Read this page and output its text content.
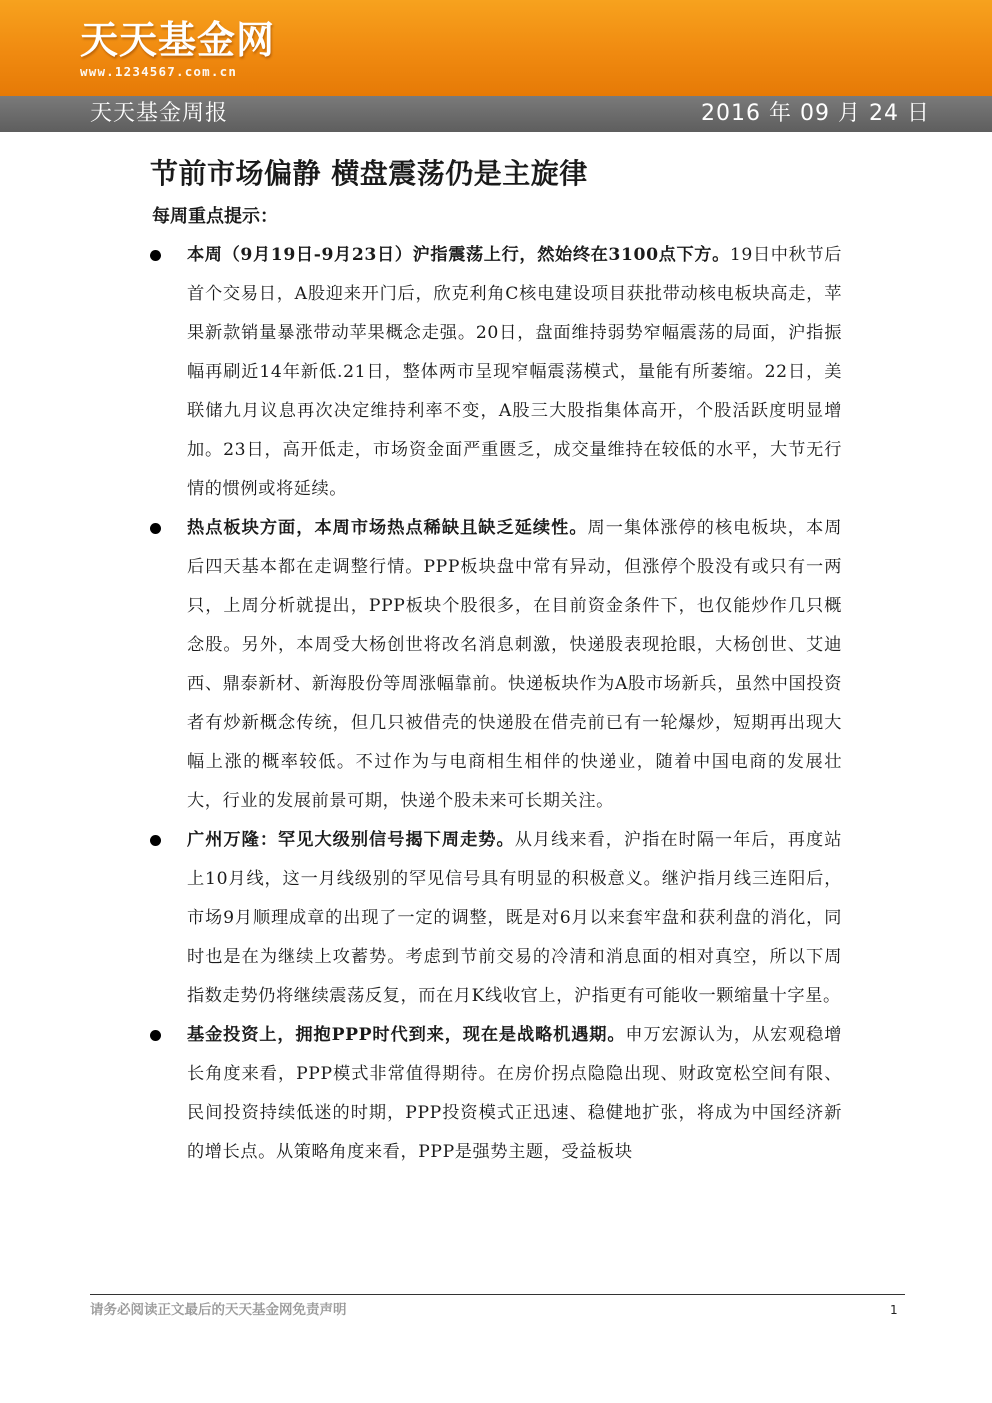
天天基金网
www.1234567.com.cn
天天基金周报	2016 年 09 月 24 日
节前市场偏静 横盘震荡仍是主旋律

每周重点提示：

本周（9月19日-9月23日）沪指震荡上行，然始终在3100点下方。19日中秋节后首个交易日，A股迎来开门后，欣克利角C核电建设项目获批带动核电板块高走，苹果新款销量暴涨带动苹果概念走强。20日，盘面维持弱势窄幅震荡的局面，沪指振幅再刷近14年新低.21日，整体两市呈现窄幅震荡模式，量能有所萎缩。22日，美联储九月议息再次决定维持利率不变，A股三大股指集体高开，个股活跃度明显增加。23日，高开低走，市场资金面严重匮乏，成交量维持在较低的水平，大节无行情的惯例或将延续。
热点板块方面，本周市场热点稀缺且缺乏延续性。周一集体涨停的核电板块，本周后四天基本都在走调整行情。PPP板块盘中常有异动，但涨停个股没有或只有一两只，上周分析就提出，PPP板块个股很多，在目前资金条件下，也仅能炒作几只概念股。另外，本周受大杨创世将改名消息刺激，快递股表现抢眼，大杨创世、艾迪西、鼎泰新材、新海股份等周涨幅靠前。快递板块作为A股市场新兵，虽然中国投资者有炒新概念传统，但几只被借壳的快递股在借壳前已有一轮爆炒，短期再出现大幅上涨的概率较低。不过作为与电商相生相伴的快递业，随着中国电商的发展壮大，行业的发展前景可期，快递个股未来可长期关注。
广州万隆：罕见大级别信号揭下周走势。从月线来看，沪指在时隔一年后，再度站上10月线，这一月线级别的罕见信号具有明显的积极意义。继沪指月线三连阳后，市场9月顺理成章的出现了一定的调整，既是对6月以来套牢盘和获利盘的消化，同时也是在为继续上攻蓄势。考虑到节前交易的冷清和消息面的相对真空，所以下周指数走势仍将继续震荡反复，而在月K线收官上，沪指更有可能收一颗缩量十字星。
基金投资上，拥抱PPP时代到来，现在是战略机遇期。申万宏源认为，从宏观稳增长角度来看，PPP模式非常值得期待。在房价拐点隐隐出现、财政宽松空间有限、民间投资持续低迷的时期，PPP投资模式正迅速、稳健地扩张，将成为中国经济新的增长点。从策略角度来看，PPP是强势主题，受益板块
请务必阅读正文最后的天天基金网免责声明	1
